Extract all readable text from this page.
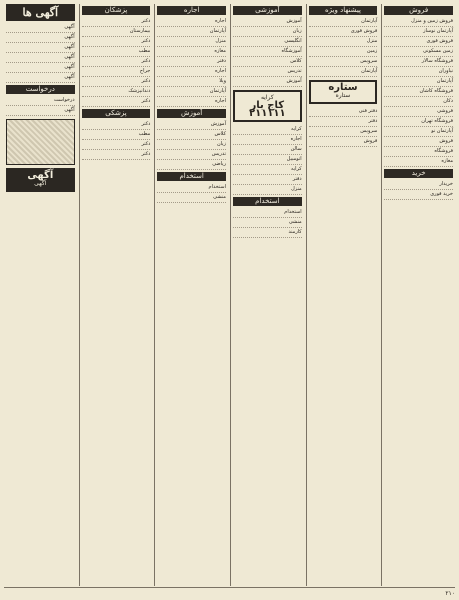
فروش
فروش زمین و منزل
آپارتمان نوساز
فروش فوری
زمین مسکونی
فروشگاه سالار
نیاوران
آپارتمان
فروشگاه کاشان
دکان
فروشی
فروشگاه تهران
آپارتمان نو
فروش
فروشگاه
مغازه
خرید
خریدار
خرید فوری
پیشنهاد ویژه
آپارتمان
فروش فوری
منزل
زمین
سرویس
آپارتمان
ستاره
ستاره
دفتر فنی
دفتر
سرویس
فروش
آموزشی
آموزش
زبان
انگلیسی
آموزشگاه
کلاس
تدریس
آموزش
کرایه
کاج بار
۲۱۱۱۱۱
کرایه
اجاره
سالن
اتومبیل
کرایه
دفتر
منزل
استخدام
استخدام
منشی
کارمند
اجاره
اجاره
آپارتمان
منزل
مغازه
دفتر
اجاره
ویلا
آپارتمان
اجاره
آموزش
آموزش
کلاس
زبان
تدریس
ریاضی
استخدام
استخدام
منشی
پزشکان
دکتر
بیمارستان
دکتر
مطب
دکتر
جراح
دکتر
دندانپزشک
دکتر
پزشکی
دکتر
مطب
دکتر
دکتر
آگهی ها
آگهی
آگهی
آگهی
آگهی
آگهی
آگهی
درخواست
درخواست
آگهی
آگهی
آگهی
۲۱۰
